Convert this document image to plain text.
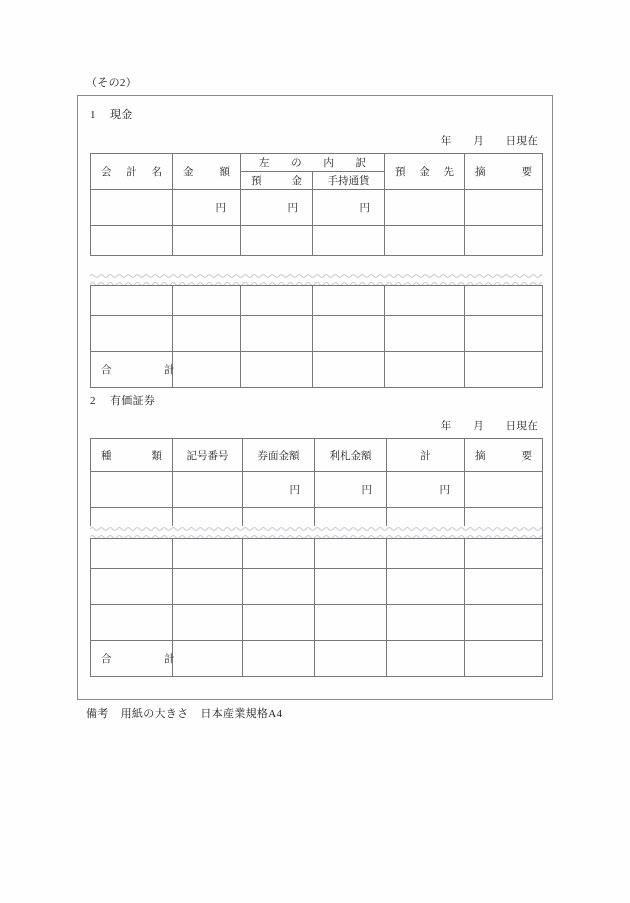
（その2）
1 現金
年　　月　　日現在
会　計　名	金　　額	左　の　内　訳		預　金　先	摘　　要

		預　　金	手持通貨		

	円	円	円		

合　　　　　計					

2 有価証券
年　　月　　日現在
種　　類	記号番号	券面金額	利札金額	計	摘　　要

		円	円	円	

合　　　　　計					

備考 用紙の大きさ 日本産業規格A4
